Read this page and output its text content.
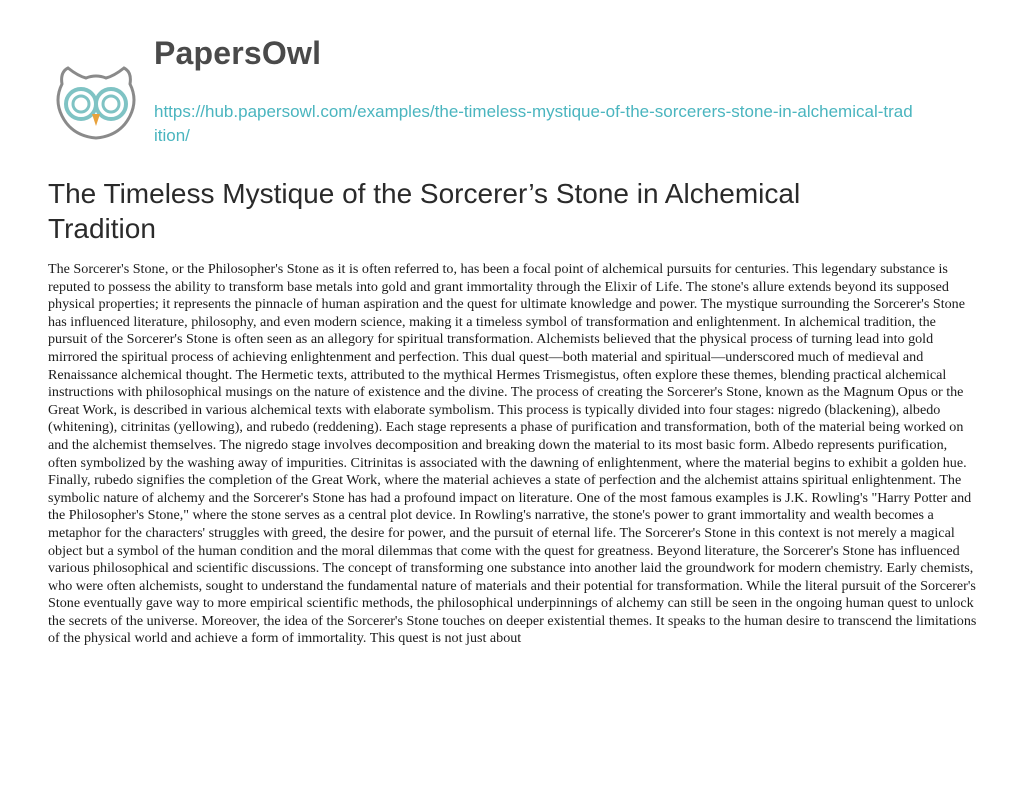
PapersOwl
https://hub.papersowl.com/examples/the-timeless-mystique-of-the-sorcerers-stone-in-alchemical-tradition/
The Timeless Mystique of the Sorcerer’s Stone in Alchemical Tradition

The Sorcerer's Stone, or the Philosopher's Stone as it is often referred to, has been a focal point of alchemical pursuits for centuries. This legendary substance is reputed to possess the ability to transform base metals into gold and grant immortality through the Elixir of Life. The stone's allure extends beyond its supposed physical properties; it represents the pinnacle of human aspiration and the quest for ultimate knowledge and power. The mystique surrounding the Sorcerer's Stone has influenced literature, philosophy, and even modern science, making it a timeless symbol of transformation and enlightenment. In alchemical tradition, the pursuit of the Sorcerer's Stone is often seen as an allegory for spiritual transformation. Alchemists believed that the physical process of turning lead into gold mirrored the spiritual process of achieving enlightenment and perfection. This dual quest—both material and spiritual—underscored much of medieval and Renaissance alchemical thought. The Hermetic texts, attributed to the mythical Hermes Trismegistus, often explore these themes, blending practical alchemical instructions with philosophical musings on the nature of existence and the divine. The process of creating the Sorcerer's Stone, known as the Magnum Opus or the Great Work, is described in various alchemical texts with elaborate symbolism. This process is typically divided into four stages: nigredo (blackening), albedo (whitening), citrinitas (yellowing), and rubedo (reddening). Each stage represents a phase of purification and transformation, both of the material being worked on and the alchemist themselves. The nigredo stage involves decomposition and breaking down the material to its most basic form. Albedo represents purification, often symbolized by the washing away of impurities. Citrinitas is associated with the dawning of enlightenment, where the material begins to exhibit a golden hue. Finally, rubedo signifies the completion of the Great Work, where the material achieves a state of perfection and the alchemist attains spiritual enlightenment. The symbolic nature of alchemy and the Sorcerer's Stone has had a profound impact on literature. One of the most famous examples is J.K. Rowling's "Harry Potter and the Philosopher's Stone," where the stone serves as a central plot device. In Rowling's narrative, the stone's power to grant immortality and wealth becomes a metaphor for the characters' struggles with greed, the desire for power, and the pursuit of eternal life. The Sorcerer's Stone in this context is not merely a magical object but a symbol of the human condition and the moral dilemmas that come with the quest for greatness. Beyond literature, the Sorcerer's Stone has influenced various philosophical and scientific discussions. The concept of transforming one substance into another laid the groundwork for modern chemistry. Early chemists, who were often alchemists, sought to understand the fundamental nature of materials and their potential for transformation. While the literal pursuit of the Sorcerer's Stone eventually gave way to more empirical scientific methods, the philosophical underpinnings of alchemy can still be seen in the ongoing human quest to unlock the secrets of the universe. Moreover, the idea of the Sorcerer's Stone touches on deeper existential themes. It speaks to the human desire to transcend the limitations of the physical world and achieve a form of immortality. This quest is not just about
